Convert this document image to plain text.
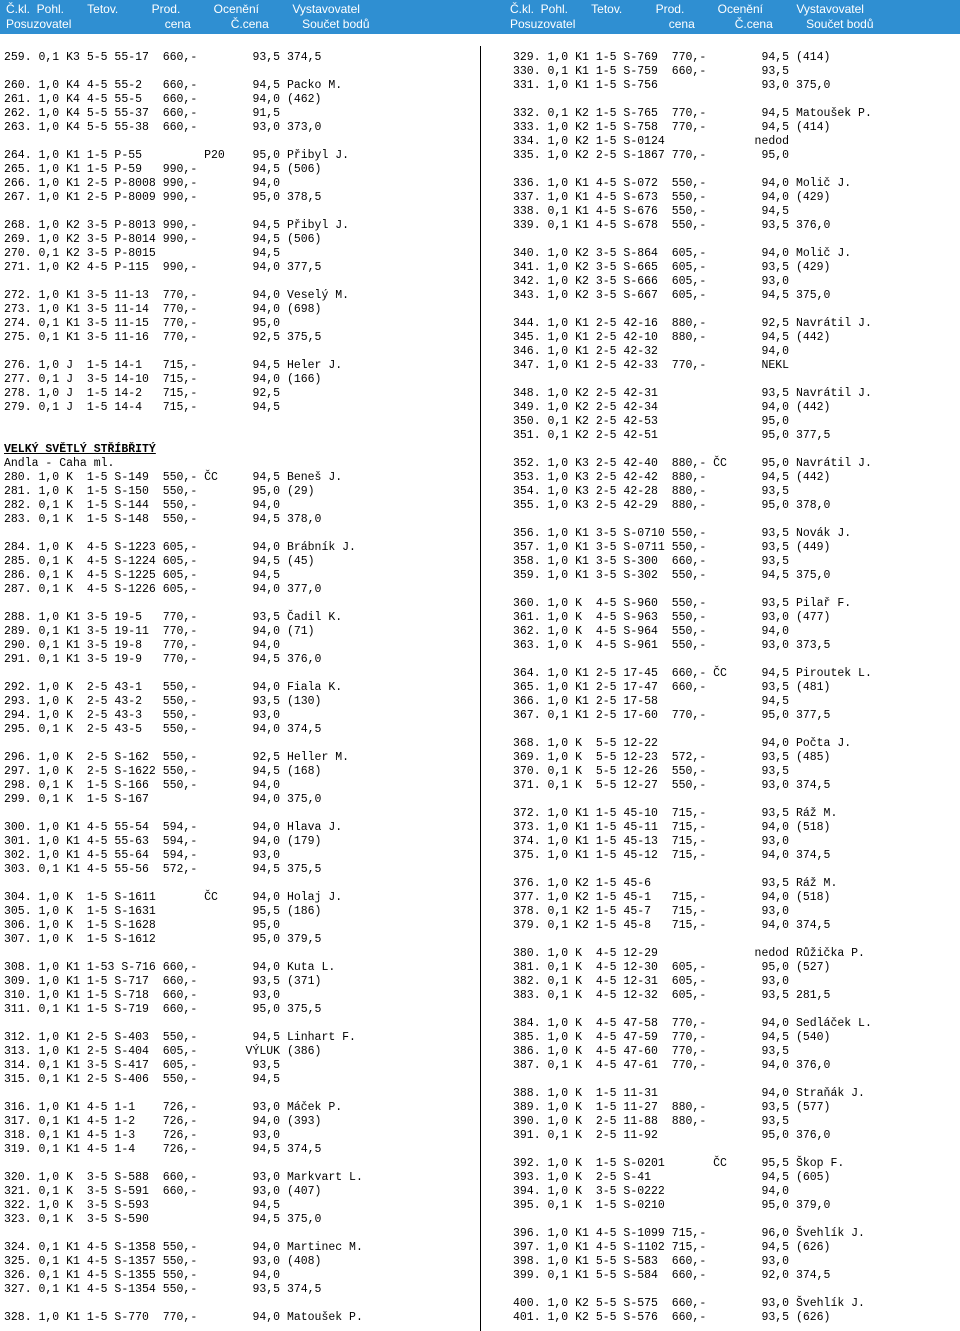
Č.kl.  Pohl.       Tetov.          Prod.          Ocenění          Vystavovatel
Posuzovatel                            cena            Č.cena          Součet bodů
Č.kl.  Pohl.       Tetov.          Prod.          Ocenění          Vystavovatel
Posuzovatel                            cena            Č.cena          Součet bodů
259. 0,1 K3 5-5 55-17  660,-        93,5 374,5

260. 1,0 K4 4-5 55-2   660,-        94,5 Packo M.
261. 1,0 K4 4-5 55-5   660,-        94,0 (462)
262. 1,0 K4 5-5 55-37  660,-        91,5
263. 1,0 K4 5-5 55-38  660,-        93,0 373,0

264. 1,0 K1 1-5 P-55         P20    95,0 Přibyl J.
265. 1,0 K1 1-5 P-59   990,-        94,5 (506)
266. 1,0 K1 2-5 P-8008 990,-        94,0
267. 1,0 K1 2-5 P-8009 990,-        95,0 378,5

268. 1,0 K2 3-5 P-8013 990,-        94,5 Přibyl J.
269. 1,0 K2 3-5 P-8014 990,-        94,5 (506)
270. 0,1 K2 3-5 P-8015              94,5
271. 1,0 K2 4-5 P-115  990,-        94,0 377,5

272. 1,0 K1 3-5 11-13  770,-        94,0 Veselý M.
273. 1,0 K1 3-5 11-14  770,-        94,0 (698)
274. 0,1 K1 3-5 11-15  770,-        95,0
275. 0,1 K1 3-5 11-16  770,-        92,5 375,5

276. 1,0 J  1-5 14-1   715,-        94,5 Heler J.
277. 0,1 J  3-5 14-10  715,-        94,0 (166)
278. 1,0 J  1-5 14-2   715,-        92,5
279. 0,1 J  1-5 14-4   715,-        94,5

VELKÝ SVĚTLÝ STŘÍBŘITÝ
Andla - Caha ml.
280. 1,0 K  1-5 S-149  550,- ČC     94,5 Beneš J.
281. 1,0 K  1-5 S-150  550,-        95,0 (29)
282. 0,1 K  1-5 S-144  550,-        94,0
283. 0,1 K  1-5 S-148  550,-        94,5 378,0

284. 1,0 K  4-5 S-1223 605,-        94,0 Brábník J.
285. 0,1 K  4-5 S-1224 605,-        94,5 (45)
286. 0,1 K  4-5 S-1225 605,-        94,5
287. 0,1 K  4-5 S-1226 605,-        94,0 377,0

288. 1,0 K1 3-5 19-5   770,-        93,5 Čadil K.
289. 0,1 K1 3-5 19-11  770,-        94,0 (71)
290. 0,1 K1 3-5 19-8   770,-        94,0
291. 0,1 K1 3-5 19-9   770,-        94,5 376,0

292. 1,0 K  2-5 43-1   550,-        94,0 Fiala K.
293. 1,0 K  2-5 43-2   550,-        93,5 (130)
294. 1,0 K  2-5 43-3   550,-        93,0
295. 0,1 K  2-5 43-5   550,-        94,0 374,5

296. 1,0 K  2-5 S-162  550,-        92,5 Heller M.
297. 1,0 K  2-5 S-1622 550,-        94,5 (168)
298. 0,1 K  1-5 S-166  550,-        94,0
299. 0,1 K  1-5 S-167               94,0 375,0

300. 1,0 K1 4-5 55-54  594,-        94,0 Hlava J.
301. 1,0 K1 4-5 55-63  594,-        94,0 (179)
302. 1,0 K1 4-5 55-64  594,-        93,0
303. 0,1 K1 4-5 55-56  572,-        94,5 375,5

304. 1,0 K  1-5 S-1611       ČC     94,0 Holaj J.
305. 1,0 K  1-5 S-1631              95,5 (186)
306. 1,0 K  1-5 S-1628              95,0
307. 1,0 K  1-5 S-1612              95,0 379,5

308. 1,0 K1 1-53 S-716 660,-        94,0 Kuta L.
309. 1,0 K1 1-5 S-717  660,-        93,5 (371)
310. 1,0 K1 1-5 S-718  660,-        93,0
311. 0,1 K1 1-5 S-719  660,-        95,0 375,5

312. 1,0 K1 2-5 S-403  550,-        94,5 Linhart F.
313. 1,0 K1 2-5 S-404  605,-       VÝLUK (386)
314. 0,1 K1 3-5 S-417  605,-        93,5
315. 0,1 K1 2-5 S-406  550,-        94,5

316. 1,0 K1 4-5 1-1    726,-        93,0 Máček P.
317. 0,1 K1 4-5 1-2    726,-        94,0 (393)
318. 0,1 K1 4-5 1-3    726,-        93,0
319. 0,1 K1 4-5 1-4    726,-        94,5 374,5

320. 1,0 K  3-5 S-588  660,-        93,0 Markvart L.
321. 0,1 K  3-5 S-591  660,-        93,0 (407)
322. 1,0 K  3-5 S-593               94,5
323. 0,1 K  3-5 S-590               94,5 375,0

324. 0,1 K1 4-5 S-1358 550,-        94,0 Martinec M.
325. 0,1 K1 4-5 S-1357 550,-        93,0 (408)
326. 0,1 K1 4-5 S-1355 550,-        94,0
327. 0,1 K1 4-5 S-1354 550,-        93,5 374,5

328. 1,0 K1 1-5 S-770  770,-        94,0 Matoušek P.

329. 1,0 K1 1-5 S-769  770,-        94,5 (414)
330. 0,1 K1 1-5 S-759  660,-        93,5
331. 1,0 K1 1-5 S-756               93,0 375,0

332. 0,1 K2 1-5 S-765  770,-        94,5 Matoušek P.
333. 1,0 K2 1-5 S-758  770,-        94,5 (414)
334. 1,0 K2 1-5 S-0124             nedod
335. 1,0 K2 2-5 S-1867 770,-        95,0

336. 1,0 K1 4-5 S-072  550,-        94,0 Molič J.
337. 1,0 K1 4-5 S-673  550,-        94,0 (429)
338. 0,1 K1 4-5 S-676  550,-        94,5
339. 0,1 K1 4-5 S-678  550,-        93,5 376,0

340. 1,0 K2 3-5 S-864  605,-        94,0 Molič J.
341. 1,0 K2 3-5 S-665  605,-        93,5 (429)
342. 1,0 K2 3-5 S-666  605,-        93,0
343. 1,0 K2 3-5 S-667  605,-        94,5 375,0

344. 1,0 K1 2-5 42-16  880,-        92,5 Navrátil J.
345. 1,0 K1 2-5 42-10  880,-        94,5 (442)
346. 1,0 K1 2-5 42-32               94,0
347. 1,0 K1 2-5 42-33  770,-        NEKL

348. 1,0 K2 2-5 42-31               93,5 Navrátil J.
349. 1,0 K2 2-5 42-34               94,0 (442)
350. 0,1 K2 2-5 42-53               95,0
351. 0,1 K2 2-5 42-51               95,0 377,5

352. 1,0 K3 2-5 42-40  880,- ČC     95,0 Navrátil J.
353. 1,0 K3 2-5 42-42  880,-        94,5 (442)
354. 1,0 K3 2-5 42-28  880,-        93,5
355. 1,0 K3 2-5 42-29  880,-        95,0 378,0

356. 1,0 K1 3-5 S-0710 550,-        93,5 Novák J.
357. 1,0 K1 3-5 S-0711 550,-        93,5 (449)
358. 1,0 K1 3-5 S-300  660,-        93,5
359. 1,0 K1 3-5 S-302  550,-        94,5 375,0

360. 1,0 K  4-5 S-960  550,-        93,5 Pilař F.
361. 1,0 K  4-5 S-963  550,-        93,0 (477)
362. 1,0 K  4-5 S-964  550,-        94,0
363. 1,0 K  4-5 S-961  550,-        93,0 373,5

364. 1,0 K1 2-5 17-45  660,- ČC     94,5 Piroutek L.
365. 1,0 K1 2-5 17-47  660,-        93,5 (481)
366. 1,0 K1 2-5 17-58               94,5
367. 0,1 K1 2-5 17-60  770,-        95,0 377,5

368. 1,0 K  5-5 12-22               94,0 Počta J.
369. 1,0 K  5-5 12-23  572,-        93,5 (485)
370. 0,1 K  5-5 12-26  550,-        93,5
371. 0,1 K  5-5 12-27  550,-        93,0 374,5

372. 1,0 K1 1-5 45-10  715,-        93,5 Ráž M.
373. 1,0 K1 1-5 45-11  715,-        94,0 (518)
374. 1,0 K1 1-5 45-13  715,-        93,0
375. 1,0 K1 1-5 45-12  715,-        94,0 374,5

376. 1,0 K2 1-5 45-6                93,5 Ráž M.
377. 1,0 K2 1-5 45-1   715,-        94,0 (518)
378. 0,1 K2 1-5 45-7   715,-        93,0
379. 0,1 K2 1-5 45-8   715,-        94,0 374,5

380. 1,0 K  4-5 12-29              nedod Růžička P.
381. 0,1 K  4-5 12-30  605,-        95,0 (527)
382. 0,1 K  4-5 12-31  605,-        93,0
383. 0,1 K  4-5 12-32  605,-        93,5 281,5

384. 1,0 K  4-5 47-58  770,-        94,0 Sedláček L.
385. 1,0 K  4-5 47-59  770,-        94,5 (540)
386. 1,0 K  4-5 47-60  770,-        93,5
387. 0,1 K  4-5 47-61  770,-        94,0 376,0

388. 1,0 K  1-5 11-31               94,0 Straňák J.
389. 1,0 K  1-5 11-27  880,-        93,5 (577)
390. 1,0 K  2-5 11-88  880,-        93,5
391. 0,1 K  2-5 11-92               95,0 376,0

392. 1,0 K  1-5 S-0201       ČC     95,5 Škop F.
393. 1,0 K  2-5 S-41                94,5 (605)
394. 1,0 K  3-5 S-0222              94,0
395. 0,1 K  1-5 S-0210              95,0 379,0

396. 1,0 K1 4-5 S-1099 715,-        96,0 Švehlík J.
397. 1,0 K1 4-5 S-1102 715,-        94,5 (626)
398. 1,0 K1 5-5 S-583  660,-        93,0
399. 0,1 K1 5-5 S-584  660,-        92,0 374,5

400. 1,0 K2 5-5 S-575  660,-        93,0 Švehlík J.
401. 1,0 K2 5-5 S-576  660,-        93,5 (626)
